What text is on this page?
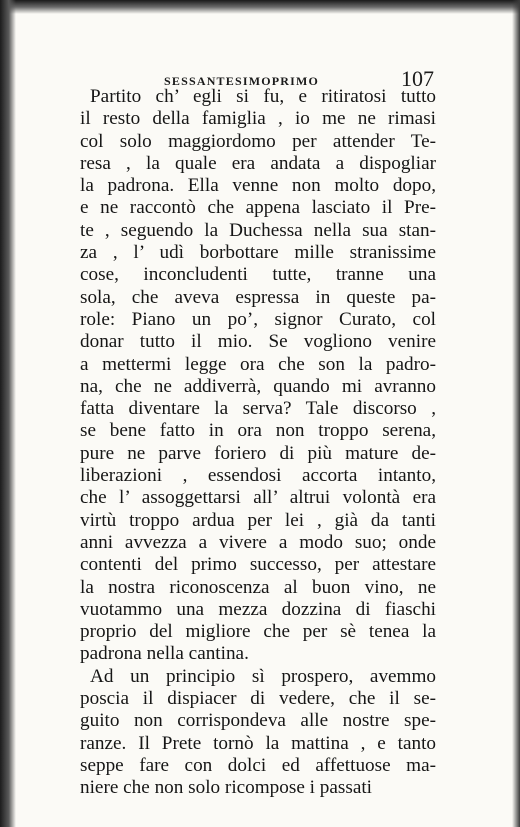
SESSANTESIMOPRIMO	107
Partito ch’ egli si fu, e ritiratosi tutto
il resto della famiglia , io me ne rimasi
col solo maggiordomo per attender Te-
resa , la quale era andata a dispogliar
la padrona. Ella venne non molto dopo,
e ne raccontò che appena lasciato il Pre-
te , seguendo la Duchessa nella sua stan-
za , l’ udì borbottare mille stranissime
cose, inconcludenti tutte, tranne una
sola, che aveva espressa in queste pa-
role: Piano un po’, signor Curato, col
donar tutto il mio. Se vogliono venire
a mettermi legge ora che son la padro-
na, che ne addiverrà, quando mi avranno
fatta diventare la serva? Tale discorso ,
se bene fatto in ora non troppo serena,
pure ne parve foriero di più mature de-
liberazioni , essendosi accorta intanto,
che l’ assoggettarsi all’ altrui volontà era
virtù troppo ardua per lei , già da tanti
anni avvezza a vivere a modo suo; onde
contenti del primo successo, per attestare
la nostra riconoscenza al buon vino, ne
vuotammo una mezza dozzina di fiaschi
proprio del migliore che per sè tenea la
padrona nella cantina.
Ad un principio sì prospero, avemmo
poscia il dispiacer di vedere, che il se-
guito non corrispondeva alle nostre spe-
ranze. Il Prete tornò la mattina , e tanto
seppe fare con dolci ed affettuose ma-
niere che non solo ricompose i passati
